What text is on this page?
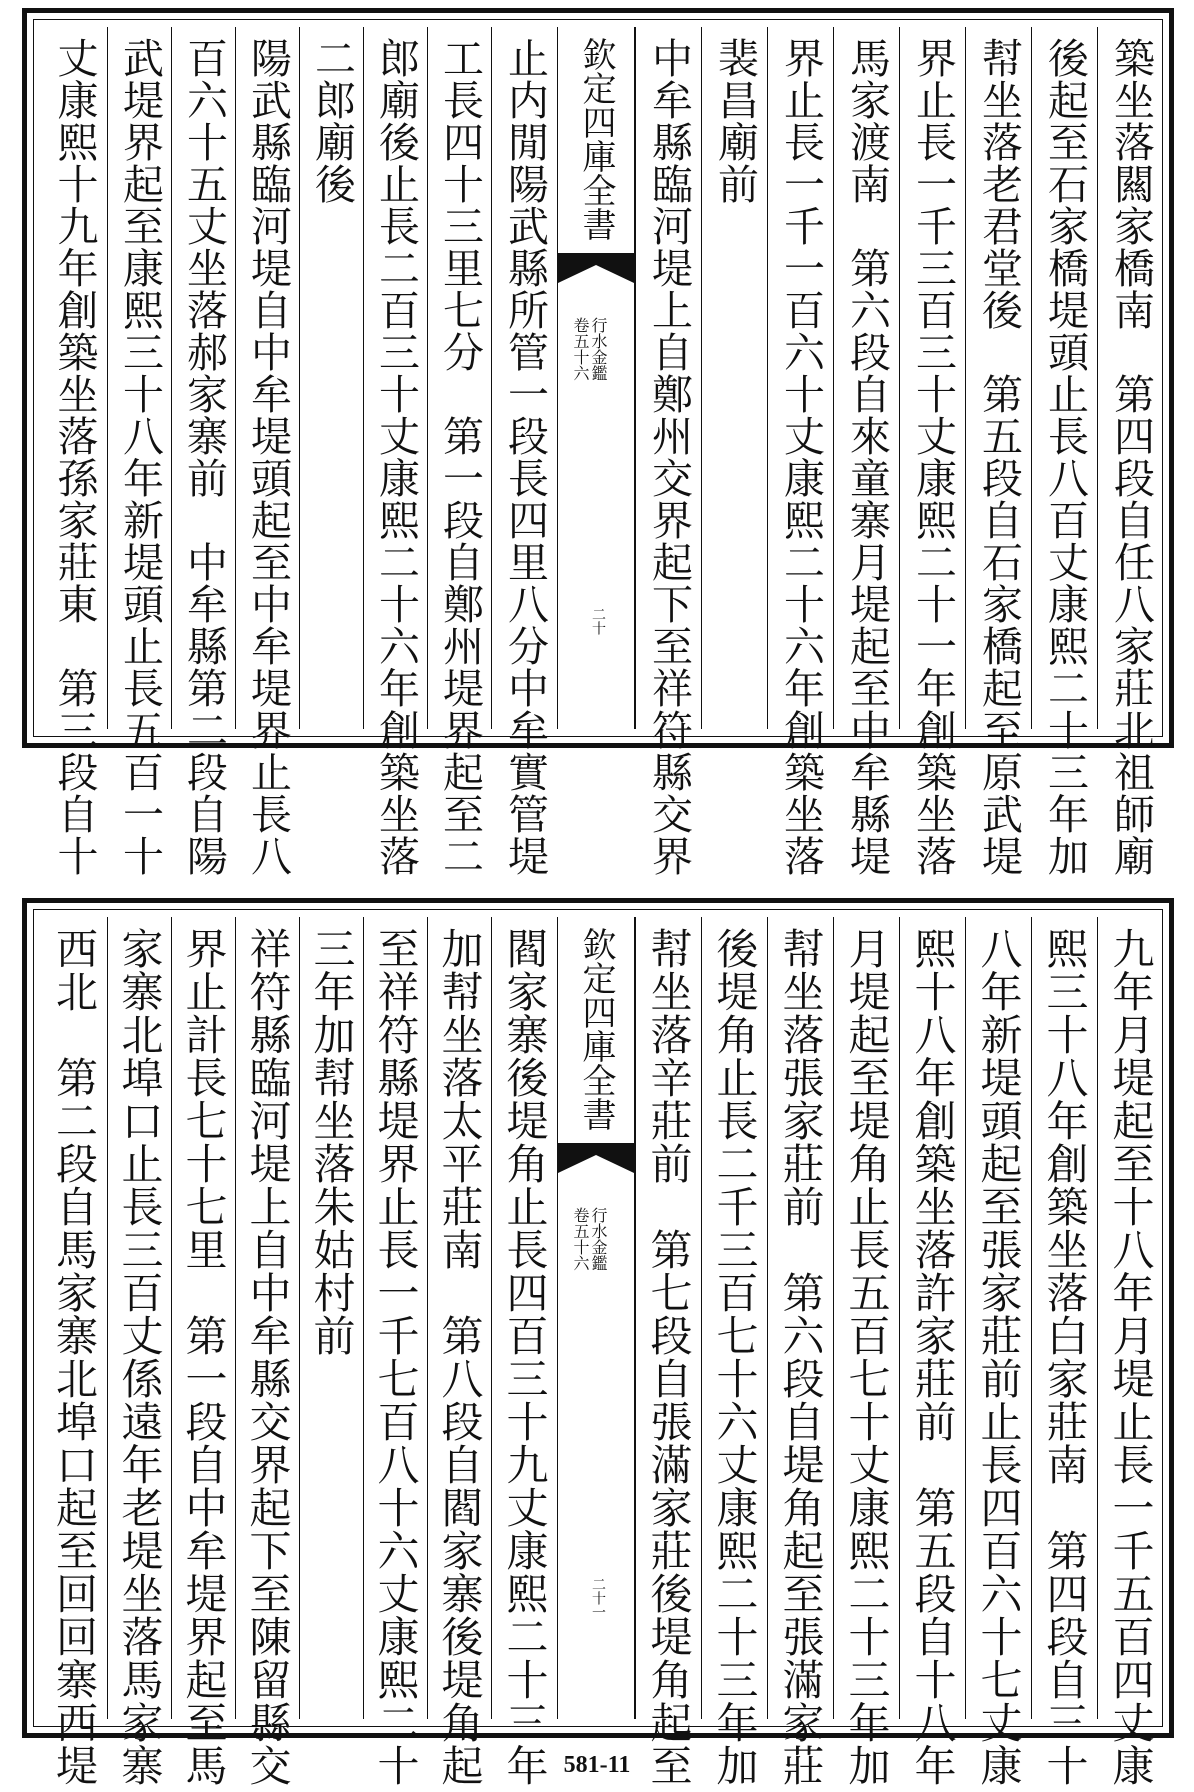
築坐落闗家橋南　第四段自任八家莊北祖師廟
後起至石家橋堤頭止長八百丈康熙二十三年加
幇坐落老君堂後　第五段自石家橋起至原武堤
界止長一千三百三十丈康熙二十一年創築坐落
馬家渡南　第六段自來童寨月堤起至中牟縣堤
界止長一千一百六十丈康熙二十六年創築坐落
裴昌廟前
中牟縣臨河堤上自鄭州交界起下至祥符縣交界
欽定四庫全書
行水金鑑
卷五十六
二十
止内閒陽武縣所管一段長四里八分中牟實管堤
工長四十三里七分　第一段自鄭州堤界起至二
郎廟後止長二百三十丈康熙二十六年創築坐落
二郎廟後
陽武縣臨河堤自中牟堤頭起至中牟堤界止長八
百六十五丈坐落郝家寨前　中牟縣第二段自陽
武堤界起至康熙三十八年新堤頭止長五百一十
丈康熙十九年創築坐落孫家莊東　第三段自十
九年月堤起至十八年月堤止長一千五百四丈康
熙三十八年創築坐落白家莊南　第四段自三十
八年新堤頭起至張家莊前止長四百六十七丈康
熙十八年創築坐落許家莊前　第五段自十八年
月堤起至堤角止長五百七十丈康熙二十三年加
幇坐落張家莊前　第六段自堤角起至張滿家莊
後堤角止長二千三百七十六丈康熙二十三年加
幇坐落辛莊前　第七段自張滿家莊後堤角起至
欽定四庫全書
行水金鑑
卷五十六
二十一
閻家寨後堤角止長四百三十九丈康熙二十三年
加幇坐落太平莊南　第八段自閻家寨後堤角起
至祥符縣堤界止長一千七百八十六丈康熙二十
三年加幇坐落朱姑村前
祥符縣臨河堤上自中牟縣交界起下至陳留縣交
界止計長七十七里　第一段自中牟堤界起至馬
家寨北埠口止長三百丈係遠年老堤坐落馬家寨
西北　第二段自馬家寨北埠口起至回回寨西堤	581-11
